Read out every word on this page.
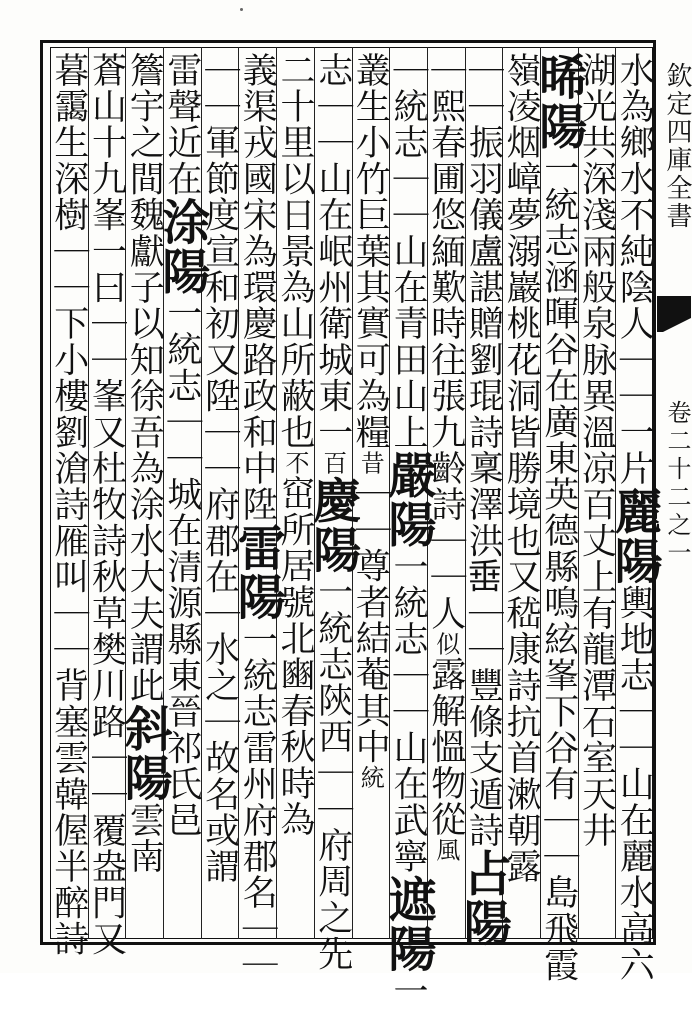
水為鄉水不純陰人｜｜一片麗陽輿地志｜｜山在麗水高六
湖光共深淺兩般泉脉異溫凉百丈上有龍潭石室天井
晞陽一統志涵暉谷在廣東英德縣鳴絃峯下谷有｜｜島飛霞
嶺凌烟嶂夢溺巖桃花洞皆勝境也又嵇康詩抗首漱朝露
｜｜振羽儀盧諶贈劉琨詩稟澤洪𡸁｜｜豐條支遁詩占陽
｜熙春圃悠緬歎時往張九齡詩｜｜人似露解慍物從風
｜統志｜｜山在青田山上嚴陽一統志｜｜山在武寧遮陽一
叢生小竹巨葉其實可為糧昔｜｜尊者結菴其中統
志｜｜山在岷州衛城東一百慶陽一統志陝西｜｜府周之先
二十里以日景為山所蔽也不窋所居號北豳春秋時為
義渠戎國宋為環慶路政和中陞雷陽一統志雷州府郡名｜｜
｜｜軍節度宣和初又陞｜｜府郡在｜水之｜故名或謂
雷聲近在涂陽一統志｜｜城在清源縣東晉祁氏邑
簷宇之間魏獻子以知徐吾為涂水大夫謂此斜陽雲南
蒼山十九峯一曰｜｜峯又杜牧詩秋草樊川路｜｜覆盎門又
暮靄生深樹｜｜下小樓劉滄詩雁叫｜｜背塞雲韓偓半醉詩	欽定四庫全書
卷二十二之一
